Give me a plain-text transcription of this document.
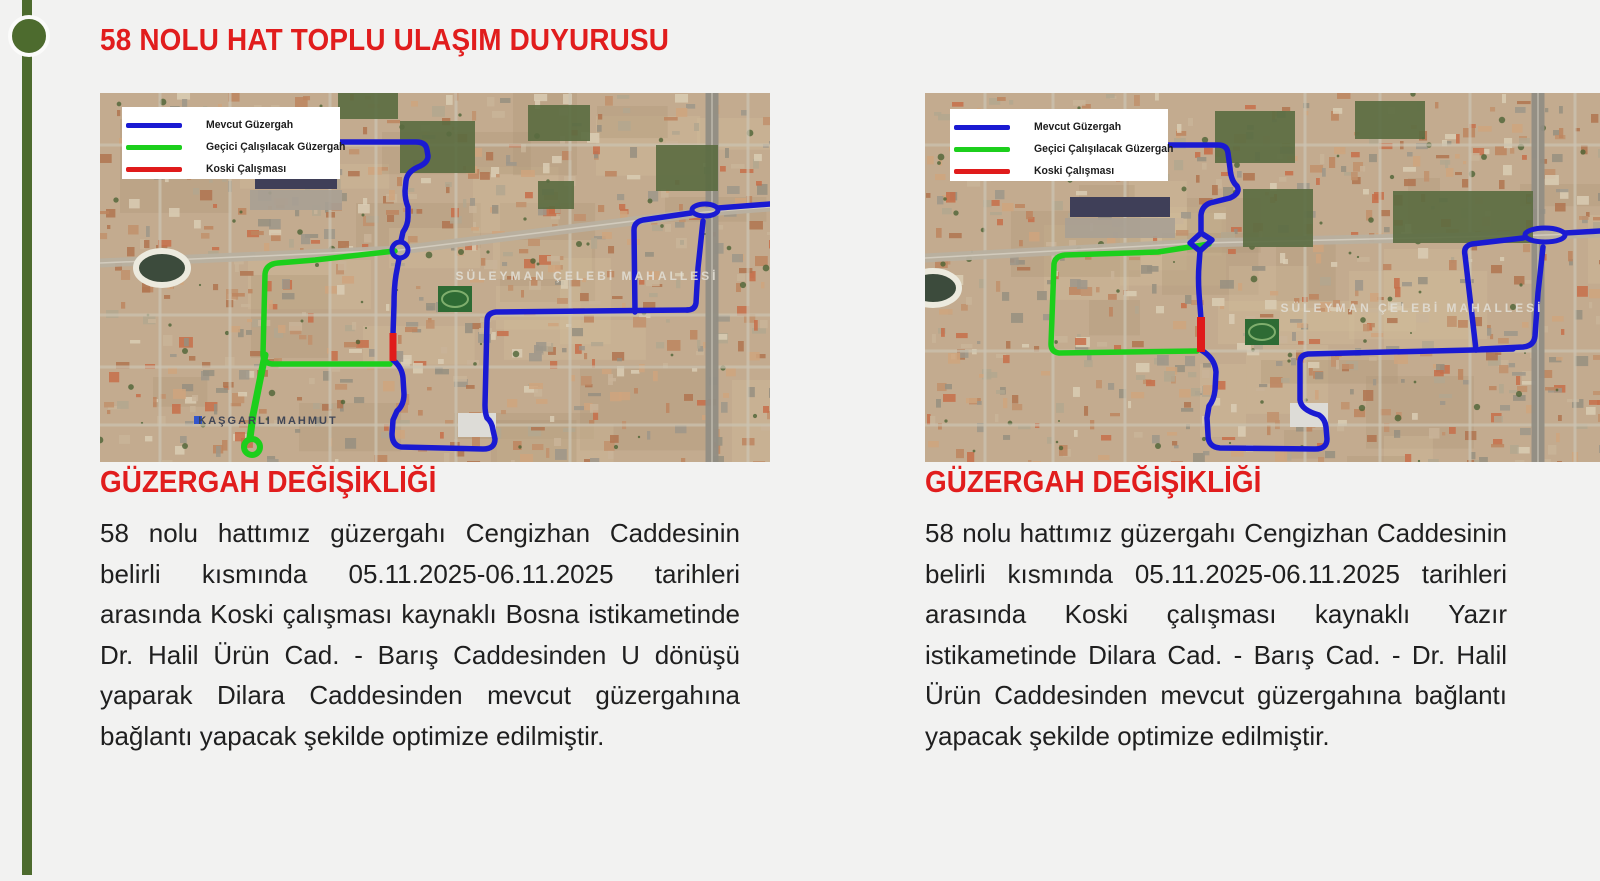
58 NOLU HAT TOPLU ULAŞIM DUYURUSU
SÜLEYMAN ÇELEBİ MAHALLESİ
KAŞGARLI MAHMUT
Mevcut Güzergah
Geçici Çalışılacak Güzergah
Koski Çalışması
GÜZERGAH DEĞİŞİKLİĞİ

58 nolu hattımız güzergahı Cengizhan Caddesinin belirli kısmında 05.11.2025-06.11.2025 tarihleri arasında Koski çalışması kaynaklı Bosna istikametinde Dr. Halil Ürün Cad. - Barış Caddesinden U dönüşü yaparak Dilara Caddesinden mevcut güzergahına bağlantı yapacak şekilde optimize edilmiştir.

SÜLEYMAN ÇELEBİ MAHALLESİ
Mevcut Güzergah
Geçici Çalışılacak Güzergah
Koski Çalışması
GÜZERGAH DEĞİŞİKLİĞİ

58 nolu hattımız güzergahı Cengizhan Caddesinin belirli kısmında 05.11.2025-06.11.2025 tarihleri arasında Koski çalışması kaynaklı Yazır istikametinde Dilara Cad. - Barış Cad. - Dr. Halil Ürün Caddesinden mevcut güzergahına bağlantı yapacak şekilde optimize edilmiştir.
